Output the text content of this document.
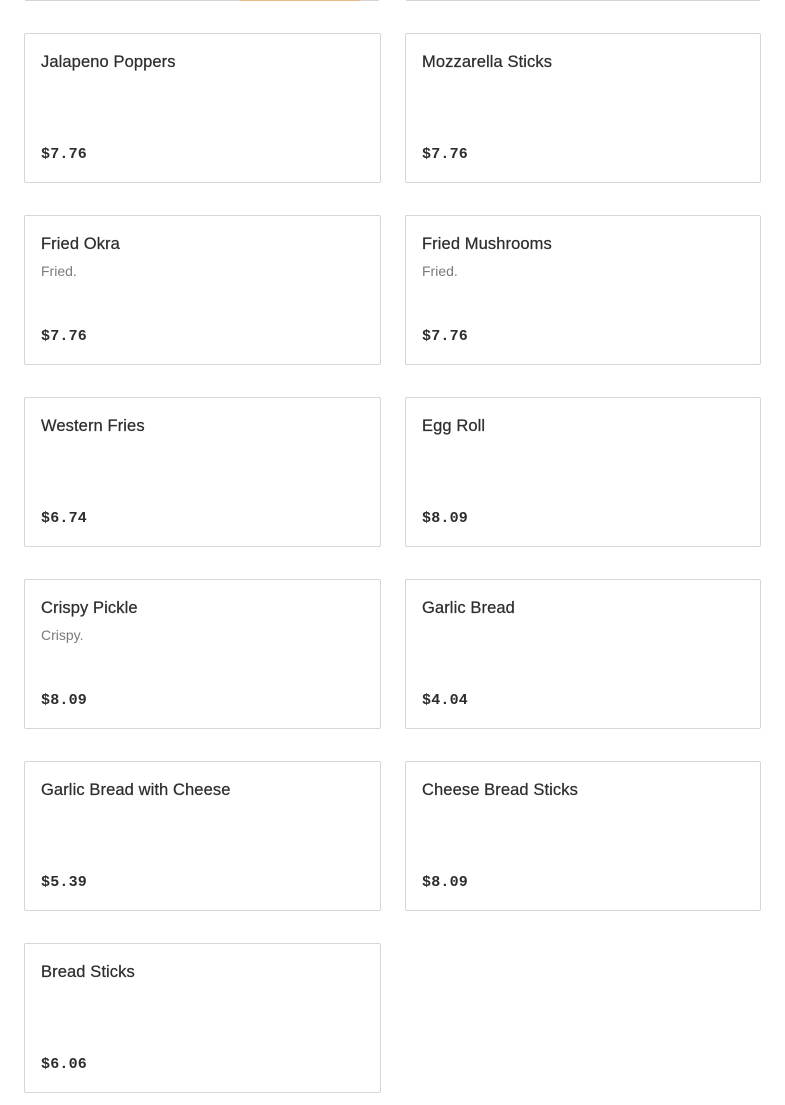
Jalapeno Poppers
$7.76
Mozzarella Sticks
$7.76
Fried Okra
Fried.
$7.76
Fried Mushrooms
Fried.
$7.76
Western Fries
$6.74
Egg Roll
$8.09
Crispy Pickle
Crispy.
$8.09
Garlic Bread
$4.04
Garlic Bread with Cheese
$5.39
Cheese Bread Sticks
$8.09
Bread Sticks
$6.06
